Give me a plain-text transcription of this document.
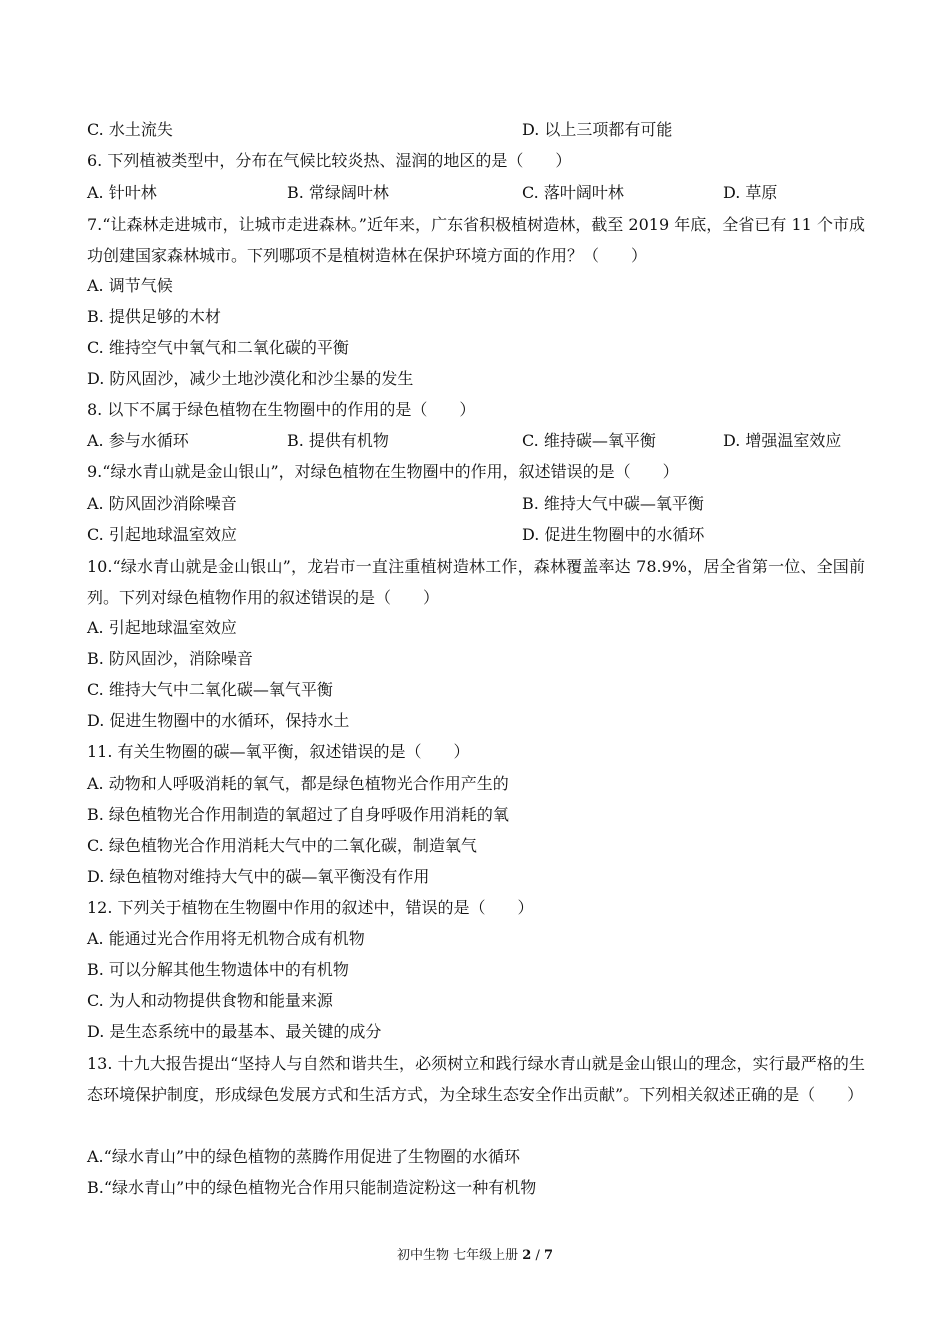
C. 水土流失	D. 以上三项都有可能
6. 下列植被类型中，分布在气候比较炎热、湿润的地区的是（　　）
A. 针叶林	B. 常绿阔叶林	C. 落叶阔叶林	D. 草原
7.“让森林走进城市，让城市走进森林。”近年来，广东省积极植树造林，截至 2019 年底，全省已有 11 个市成功创建国家森林城市。下列哪项不是植树造林在保护环境方面的作用？（　　）
A. 调节气候
B. 提供足够的木材
C. 维持空气中氧气和二氧化碳的平衡
D. 防风固沙，减少土地沙漠化和沙尘暴的发生
8. 以下不属于绿色植物在生物圈中的作用的是（　　）
A. 参与水循环	B. 提供有机物	C. 维持碳—氧平衡	D. 增强温室效应
9.“绿水青山就是金山银山”，对绿色植物在生物圈中的作用，叙述错误的是（　　）
A. 防风固沙消除噪音	B. 维持大气中碳—氧平衡
C. 引起地球温室效应	D. 促进生物圈中的水循环
10.“绿水青山就是金山银山”，龙岩市一直注重植树造林工作，森林覆盖率达 78.9%，居全省第一位、全国前列。下列对绿色植物作用的叙述错误的是（　　）
A. 引起地球温室效应
B. 防风固沙，消除噪音
C. 维持大气中二氧化碳—氧气平衡
D. 促进生物圈中的水循环，保持水土
11. 有关生物圈的碳—氧平衡，叙述错误的是（　　）
A. 动物和人呼吸消耗的氧气，都是绿色植物光合作用产生的
B. 绿色植物光合作用制造的氧超过了自身呼吸作用消耗的氧
C. 绿色植物光合作用消耗大气中的二氧化碳，制造氧气
D. 绿色植物对维持大气中的碳—氧平衡没有作用
12. 下列关于植物在生物圈中作用的叙述中，错误的是（　　）
A. 能通过光合作用将无机物合成有机物
B. 可以分解其他生物遗体中的有机物
C. 为人和动物提供食物和能量来源
D. 是生态系统中的最基本、最关键的成分
13. 十九大报告提出“坚持人与自然和谐共生，必须树立和践行绿水青山就是金山银山的理念，实行最严格的生态环境保护制度，形成绿色发展方式和生活方式，为全球生态安全作出贡献”。下列相关叙述正确的是（　　）
A.“绿水青山”中的绿色植物的蒸腾作用促进了生物圈的水循环
B.“绿水青山”中的绿色植物光合作用只能制造淀粉这一种有机物
初中生物 七年级上册 2 / 7
